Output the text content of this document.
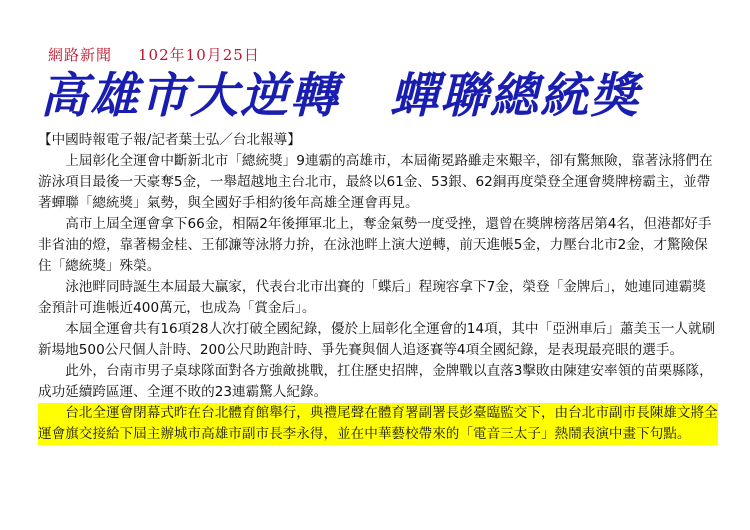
網路新聞 102年10月25日
高雄市大逆轉　蟬聯總統獎

【中國時報電子報/記者葉士弘／台北報導】

上屆彰化全運會中斷新北市「總統獎」9連霸的高雄市，本屆衛冕路雖走來艱辛，卻有驚無險，靠著泳將們在游泳項目最後一天豪奪5金，一舉超越地主台北市，最終以61金、53銀、62銅再度榮登全運會獎牌榜霸主，並帶著蟬聯「總統獎」氣勢，與全國好手相約後年高雄全運會再見。

高市上屆全運會拿下66金，相隔2年後揮軍北上，奪金氣勢一度受挫，還曾在獎牌榜落居第4名，但港都好手非省油的燈，靠著楊金桂、王郁濂等泳將力拚，在泳池畔上演大逆轉，前天進帳5金，力壓台北市2金，才驚險保住「總統獎」殊榮。

泳池畔同時誕生本屆最大贏家，代表台北市出賽的「蝶后」程琬容拿下7金，榮登「金牌后」，她連同連霸獎金預計可進帳近400萬元，也成為「賞金后」。

本屆全運會共有16項28人次打破全國紀錄，優於上屆彰化全運會的14項，其中「亞洲車后」蕭美玉一人就刷新場地500公尺個人計時、200公尺助跑計時、爭先賽與個人追逐賽等4項全國紀錄，是表現最亮眼的選手。

此外，台南市男子桌球隊面對各方強敵挑戰，扛住歷史招牌，金牌戰以直落3擊敗由陳建安率領的苗栗縣隊，成功延續跨區運、全運不敗的23連霸驚人紀錄。

台北全運會閉幕式昨在台北體育館舉行，典禮尾聲在體育署副署長彭臺臨監交下，由台北市副市長陳雄文將全運會旗交接給下屆主辦城市高雄市副市長李永得，並在中華藝校帶來的「電音三太子」熱鬧表演中畫下句點。
